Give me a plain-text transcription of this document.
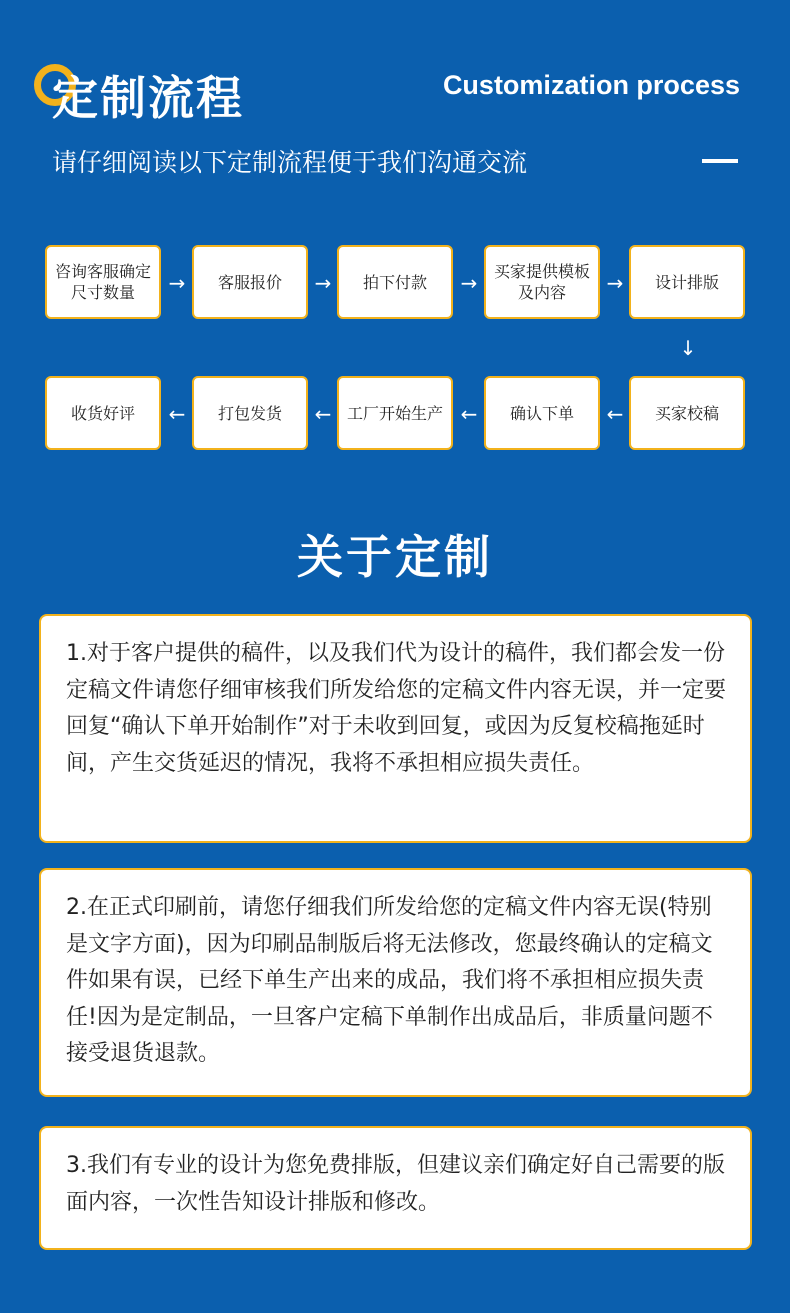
定制流程	Customization process
请仔细阅读以下定制流程便于我们沟通交流
咨询客服确定尺寸数量	→	客服报价	→	拍下付款	→	买家提供模板及内容	→	设计排版
↓
买家校稿
←
确认下单
←
工厂开始生产
←
打包发货
←
收货好评
关于定制
1.对于客户提供的稿件，以及我们代为设计的稿件，我们都会发一份定稿文件请您仔细审核我们所发给您的定稿文件内容无误，并一定要回复“确认下单开始制作”对于未收到回复，或因为反复校稿拖延时间，产生交货延迟的情况，我将不承担相应损失责任。
2.在正式印刷前，请您仔细我们所发给您的定稿文件内容无误(特别是文字方面)，因为印刷品制版后将无法修改，您最终确认的定稿文件如果有误，已经下单生产出来的成品，我们将不承担相应损失责任!因为是定制品，一旦客户定稿下单制作出成品后，非质量问题不接受退货退款。
3.我们有专业的设计为您免费排版，但建议亲们确定好自己需要的版面内容，一次性告知设计排版和修改。
